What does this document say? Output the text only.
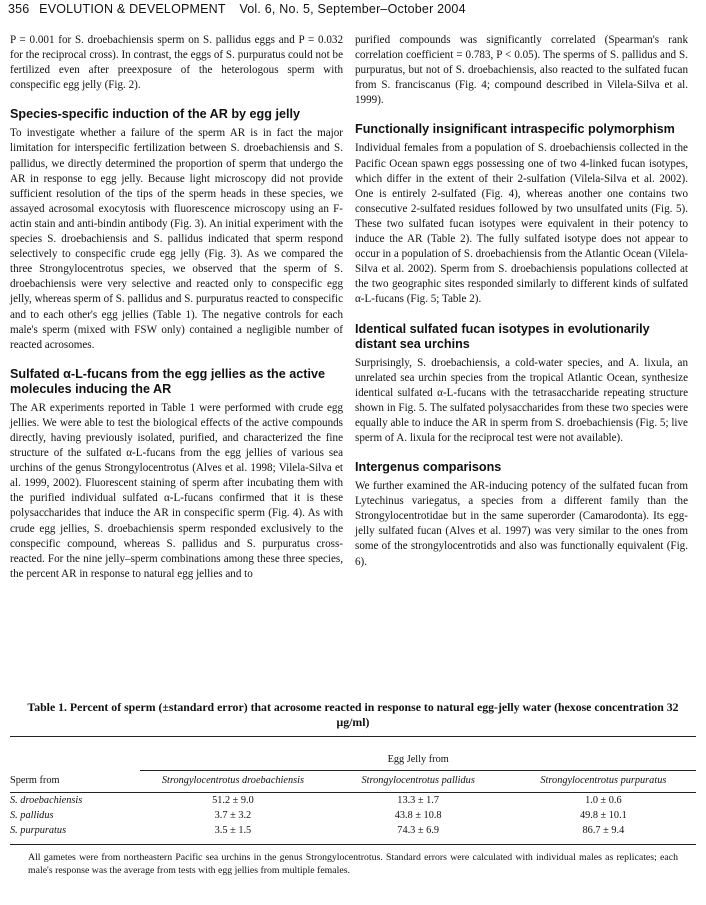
356 EVOLUTION & DEVELOPMENT Vol. 6, No. 5, September–October 2004

P = 0.001 for S. droebachiensis sperm on S. pallidus eggs and P = 0.032 for the reciprocal cross). In contrast, the eggs of S. purpuratus could not be fertilized even after preexposure of the heterologous sperm with conspecific egg jelly (Fig. 2).

Species-specific induction of the AR by egg jelly

To investigate whether a failure of the sperm AR is in fact the major limitation for interspecific fertilization between S. droebachiensis and S. pallidus, we directly determined the proportion of sperm that undergo the AR in response to egg jelly. Because light microscopy did not provide sufficient resolution of the tips of the sperm heads in these species, we assayed acrosomal exocytosis with fluorescence microscopy using an F-actin stain and anti-bindin antibody (Fig. 3). An initial experiment with the species S. droebachiensis and S. pallidus indicated that sperm respond selectively to conspecific crude egg jelly (Fig. 3). As we compared the three Strongylocentrotus species, we observed that the sperm of S. droebachiensis were very selective and reacted only to conspecific egg jelly, whereas sperm of S. pallidus and S. purpuratus reacted to conspecific and to each other's egg jellies (Table 1). The negative controls for each male's sperm (mixed with FSW only) contained a negligible number of reacted acrosomes.

Sulfated α-L-fucans from the egg jellies as the active molecules inducing the AR

The AR experiments reported in Table 1 were performed with crude egg jellies. We were able to test the biological effects of the active compounds directly, having previously isolated, purified, and characterized the fine structure of the sulfated α-L-fucans from the egg jellies of various sea urchins of the genus Strongylocentrotus (Alves et al. 1998; Vilela-Silva et al. 1999, 2002). Fluorescent staining of sperm after incubating them with the purified individual sulfated α-L-fucans confirmed that it is these polysaccharides that induce the AR in conspecific sperm (Fig. 4). As with crude egg jellies, S. droebachiensis sperm responded exclusively to the conspecific compound, whereas S. pallidus and S. purpuratus cross-reacted. For the nine jelly–sperm combinations among these three species, the percent AR in response to natural egg jellies and to

purified compounds was significantly correlated (Spearman's rank correlation coefficient = 0.783, P < 0.05). The sperms of S. pallidus and S. purpuratus, but not of S. droebachiensis, also reacted to the sulfated fucan from S. franciscanus (Fig. 4; compound described in Vilela-Silva et al. 1999).

Functionally insignificant intraspecific polymorphism

Individual females from a population of S. droebachiensis collected in the Pacific Ocean spawn eggs possessing one of two 4-linked fucan isotypes, which differ in the extent of their 2-sulfation (Vilela-Silva et al. 2002). One is entirely 2-sulfated (Fig. 4), whereas another one contains two consecutive 2-sulfated residues followed by two unsulfated units (Fig. 5). These two sulfated fucan isotypes were equivalent in their potency to induce the AR (Table 2). The fully sulfated isotype does not appear to occur in a population of S. droebachiensis from the Atlantic Ocean (Vilela-Silva et al. 2002). Sperm from S. droebachiensis populations collected at the two geographic sites responded similarly to different kinds of sulfated α-L-fucans (Fig. 5; Table 2).

Identical sulfated fucan isotypes in evolutionarily distant sea urchins

Surprisingly, S. droebachiensis, a cold-water species, and A. lixula, an unrelated sea urchin species from the tropical Atlantic Ocean, synthesize identical sulfated α-L-fucans with the tetrasaccharide repeating structure shown in Fig. 5. The sulfated polysaccharides from these two species were equally able to induce the AR in sperm from S. droebachiensis (Fig. 5; live sperm of A. lixula for the reciprocal test were not available).

Intergenus comparisons

We further examined the AR-inducing potency of the sulfated fucan from Lytechinus variegatus, a species from a different family than the Strongylocentrotidae but in the same superorder (Camarodonta). Its egg-jelly sulfated fucan (Alves et al. 1997) was very similar to the ones from some of the strongylocentrotids and also was functionally equivalent (Fig. 6).

Table 1. Percent of sperm (±standard error) that acrosome reacted in response to natural egg-jelly water (hexose concentration 32 μg/ml)

	Egg Jelly from		
Sperm from	Strongylocentrotus droebachiensis	Strongylocentrotus pallidus	Strongylocentrotus purpuratus
S. droebachiensis	51.2 ± 9.0	13.3 ± 1.7	1.0 ± 0.6
S. pallidus	3.7 ± 3.2	43.8 ± 10.8	49.8 ± 10.1
S. purpuratus	3.5 ± 1.5	74.3 ± 6.9	86.7 ± 9.4

All gametes were from northeastern Pacific sea urchins in the genus Strongylocentrotus. Standard errors were calculated with individual males as replicates; each male's response was the average from tests with egg jellies from multiple females.
